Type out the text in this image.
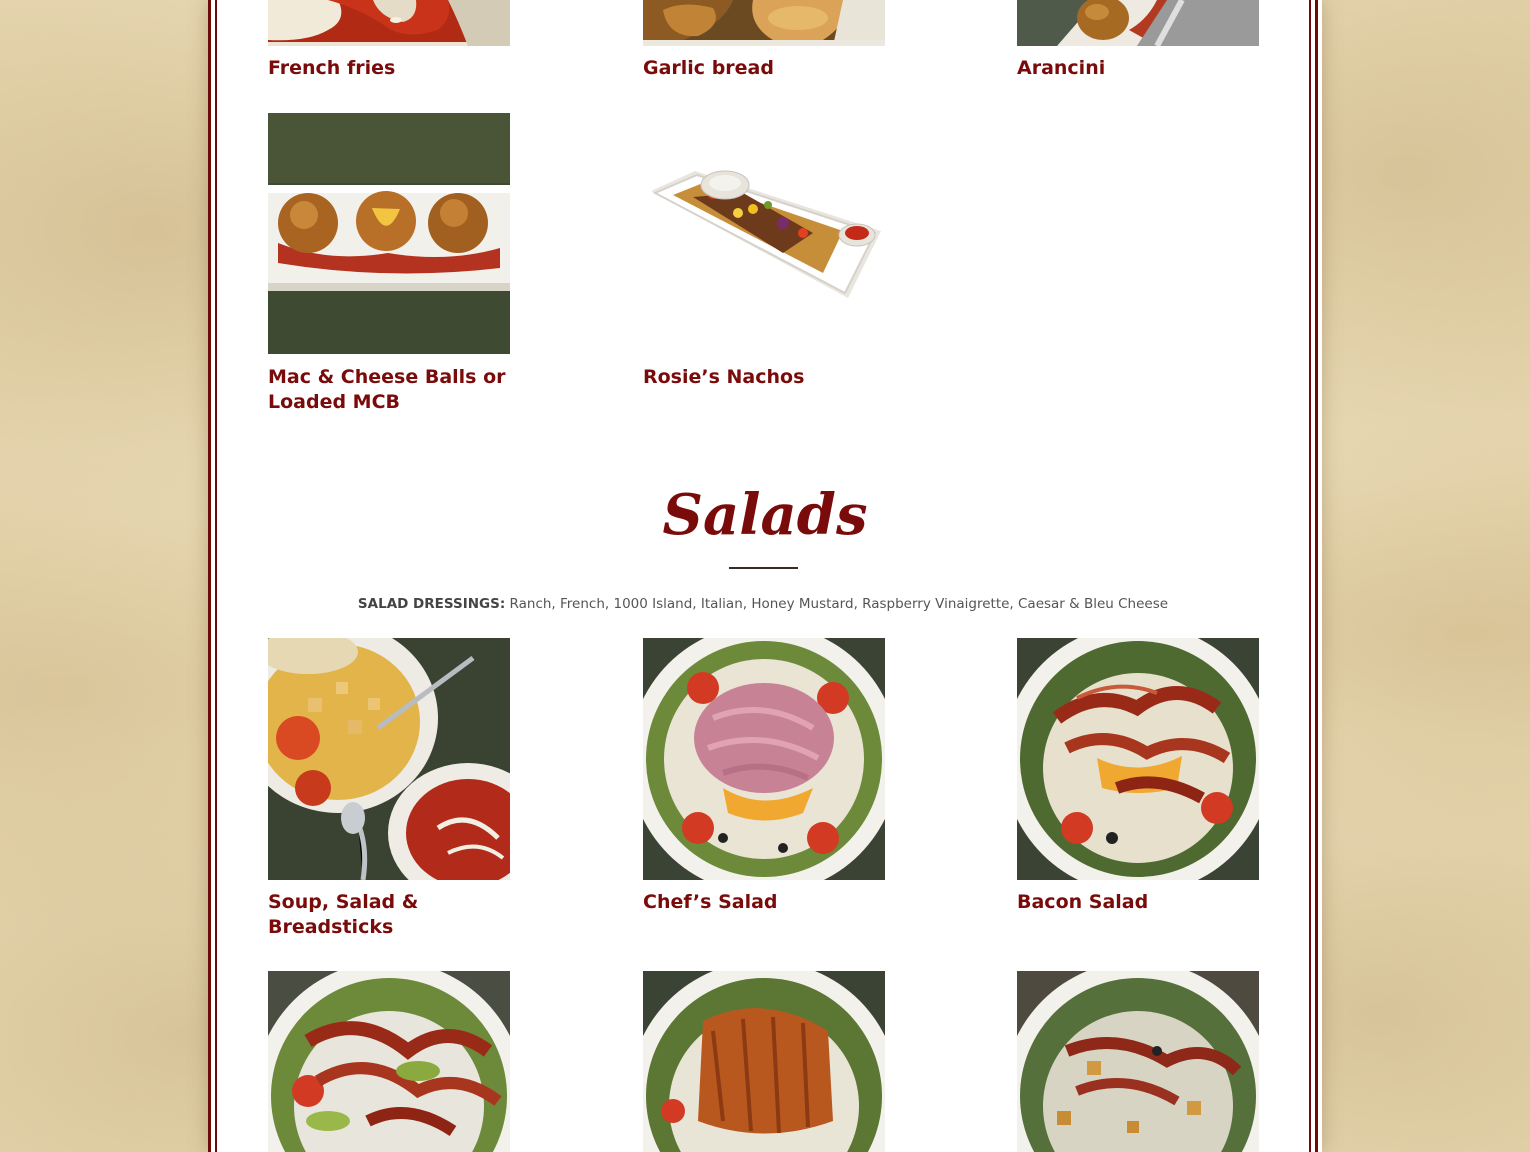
French fries	Garlic bread	Arancini
Mac & Cheese Balls or Loaded MCB
Rosie’s Nachos
Salads

SALAD DRESSINGS: Ranch, French, 1000 Island, Italian, Honey Mustard, Raspberry Vinaigrette, Caesar & Bleu Cheese

Soup, Salad & Breadsticks
Chef’s Salad	Bacon Salad
